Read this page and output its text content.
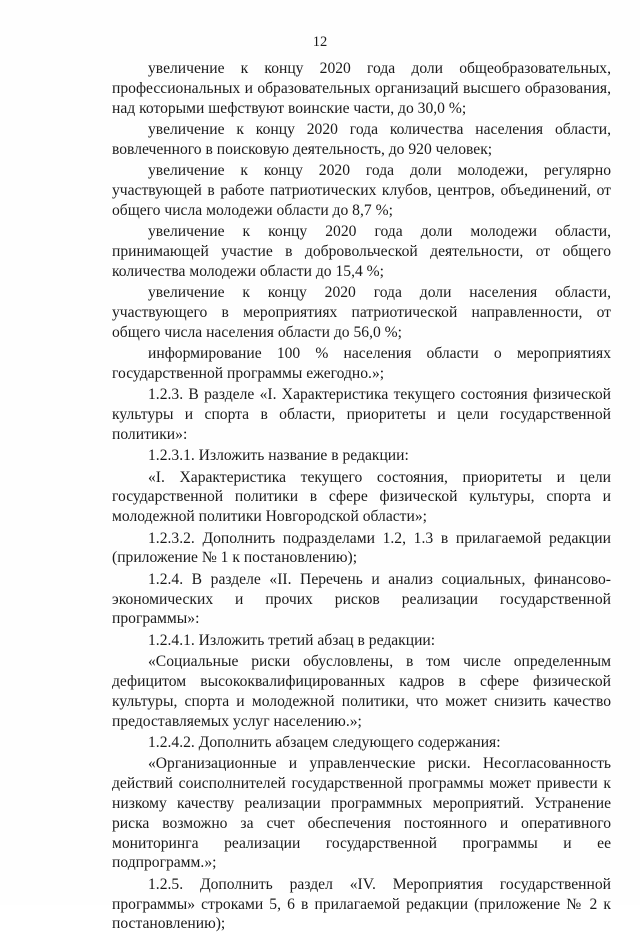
12

увеличение к концу 2020 года доли общеобразовательных, профессиональных и образовательных организаций высшего образования, над которыми шефствуют воинские части, до 30,0 %;

увеличение к концу 2020 года количества населения области, вовлеченного в поисковую деятельность, до 920 человек;

увеличение к концу 2020 года доли молодежи, регулярно участвующей в работе патриотических клубов, центров, объединений, от общего числа молодежи области до 8,7 %;

увеличение к концу 2020 года доли молодежи области, принимающей участие в добровольческой деятельности, от общего количества молодежи области до 15,4 %;

увеличение к концу 2020 года доли населения области, участвующего в мероприятиях патриотической направленности, от общего числа населения области до 56,0 %;

информирование 100 % населения области о мероприятиях государственной программы ежегодно.»;

1.2.3. В разделе «I. Характеристика текущего состояния физической культуры и спорта в области, приоритеты и цели государственной политики»:

1.2.3.1. Изложить название в редакции:

«I. Характеристика текущего состояния, приоритеты и цели государственной политики в сфере физической культуры, спорта и молодежной политики Новгородской области»;

1.2.3.2. Дополнить подразделами 1.2, 1.3 в прилагаемой редакции (приложение № 1 к постановлению);

1.2.4. В разделе «II. Перечень и анализ социальных, финансово-экономических и прочих рисков реализации государственной программы»:

1.2.4.1. Изложить третий абзац в редакции:

«Социальные риски обусловлены, в том числе определенным дефицитом высококвалифицированных кадров в сфере физической культуры, спорта и молодежной политики, что может снизить качество предоставляемых услуг населению.»;

1.2.4.2. Дополнить абзацем следующего содержания:

«Организационные и управленческие риски. Несогласованность действий соисполнителей государственной программы может привести к низкому качеству реализации программных мероприятий. Устранение риска возможно за счет обеспечения постоянного и оперативного мониторинга реализации государственной программы и ее подпрограмм.»;

1.2.5. Дополнить раздел «IV. Мероприятия государственной программы» строками 5, 6 в прилагаемой редакции (приложение № 2 к постановлению);
